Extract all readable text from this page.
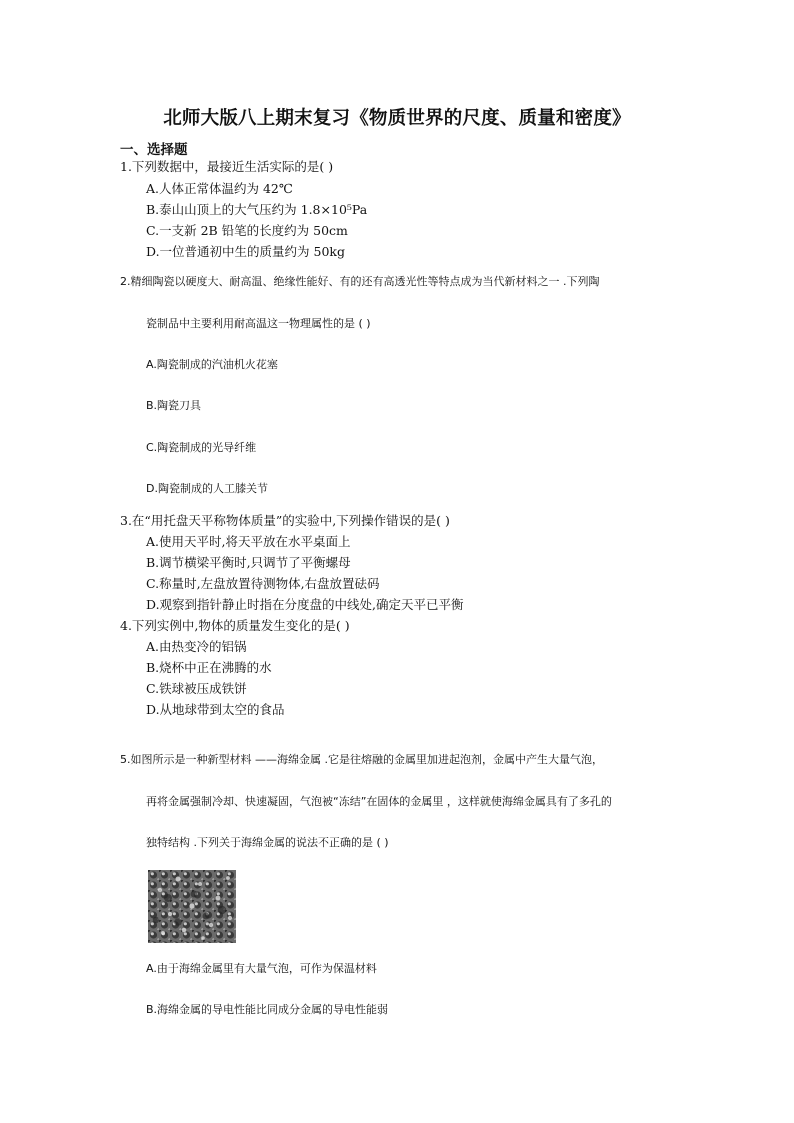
北师大版八上期末复习《物质世界的尺度、质量和密度》
一、选择题
1.下列数据中，最接近生活实际的是( )
A.人体正常体温约为 42℃
B.泰山山顶上的大气压约为 1.8×10⁵Pa
C.一支新 2B 铅笔的长度约为 50cm
D.一位普通初中生的质量约为 50kg
2.精细陶瓷以硬度大、耐高温、绝缘性能好、有的还有高透光性等特点成为当代新材料之一 .下列陶
瓷制品中主要利用耐高温这一物理属性的是 ( )
A.陶瓷制成的汽油机火花塞
B.陶瓷刀具
C.陶瓷制成的光导纤维
D.陶瓷制成的人工膝关节
3.在“用托盘天平称物体质量”的实验中,下列操作错误的是( )
A.使用天平时,将天平放在水平桌面上
B.调节横梁平衡时,只调节了平衡螺母
C.称量时,左盘放置待测物体,右盘放置砝码
D.观察到指针静止时指在分度盘的中线处,确定天平已平衡
4.下列实例中,物体的质量发生变化的是( )
A.由热变冷的铝锅
B.烧杯中正在沸腾的水
C.铁球被压成铁饼
D.从地球带到太空的食品
5.如图所示是一种新型材料 ——海绵金属 .它是往熔融的金属里加进起泡剂，金属中产生大量气泡，
再将金属强制冷却、快速凝固，气泡被“冻结”在固体的金属里 ，这样就使海绵金属具有了多孔的
独特结构 .下列关于海绵金属的说法不正确的是 ( )
A.由于海绵金属里有大量气泡，可作为保温材料
B.海绵金属的导电性能比同成分金属的导电性能弱
